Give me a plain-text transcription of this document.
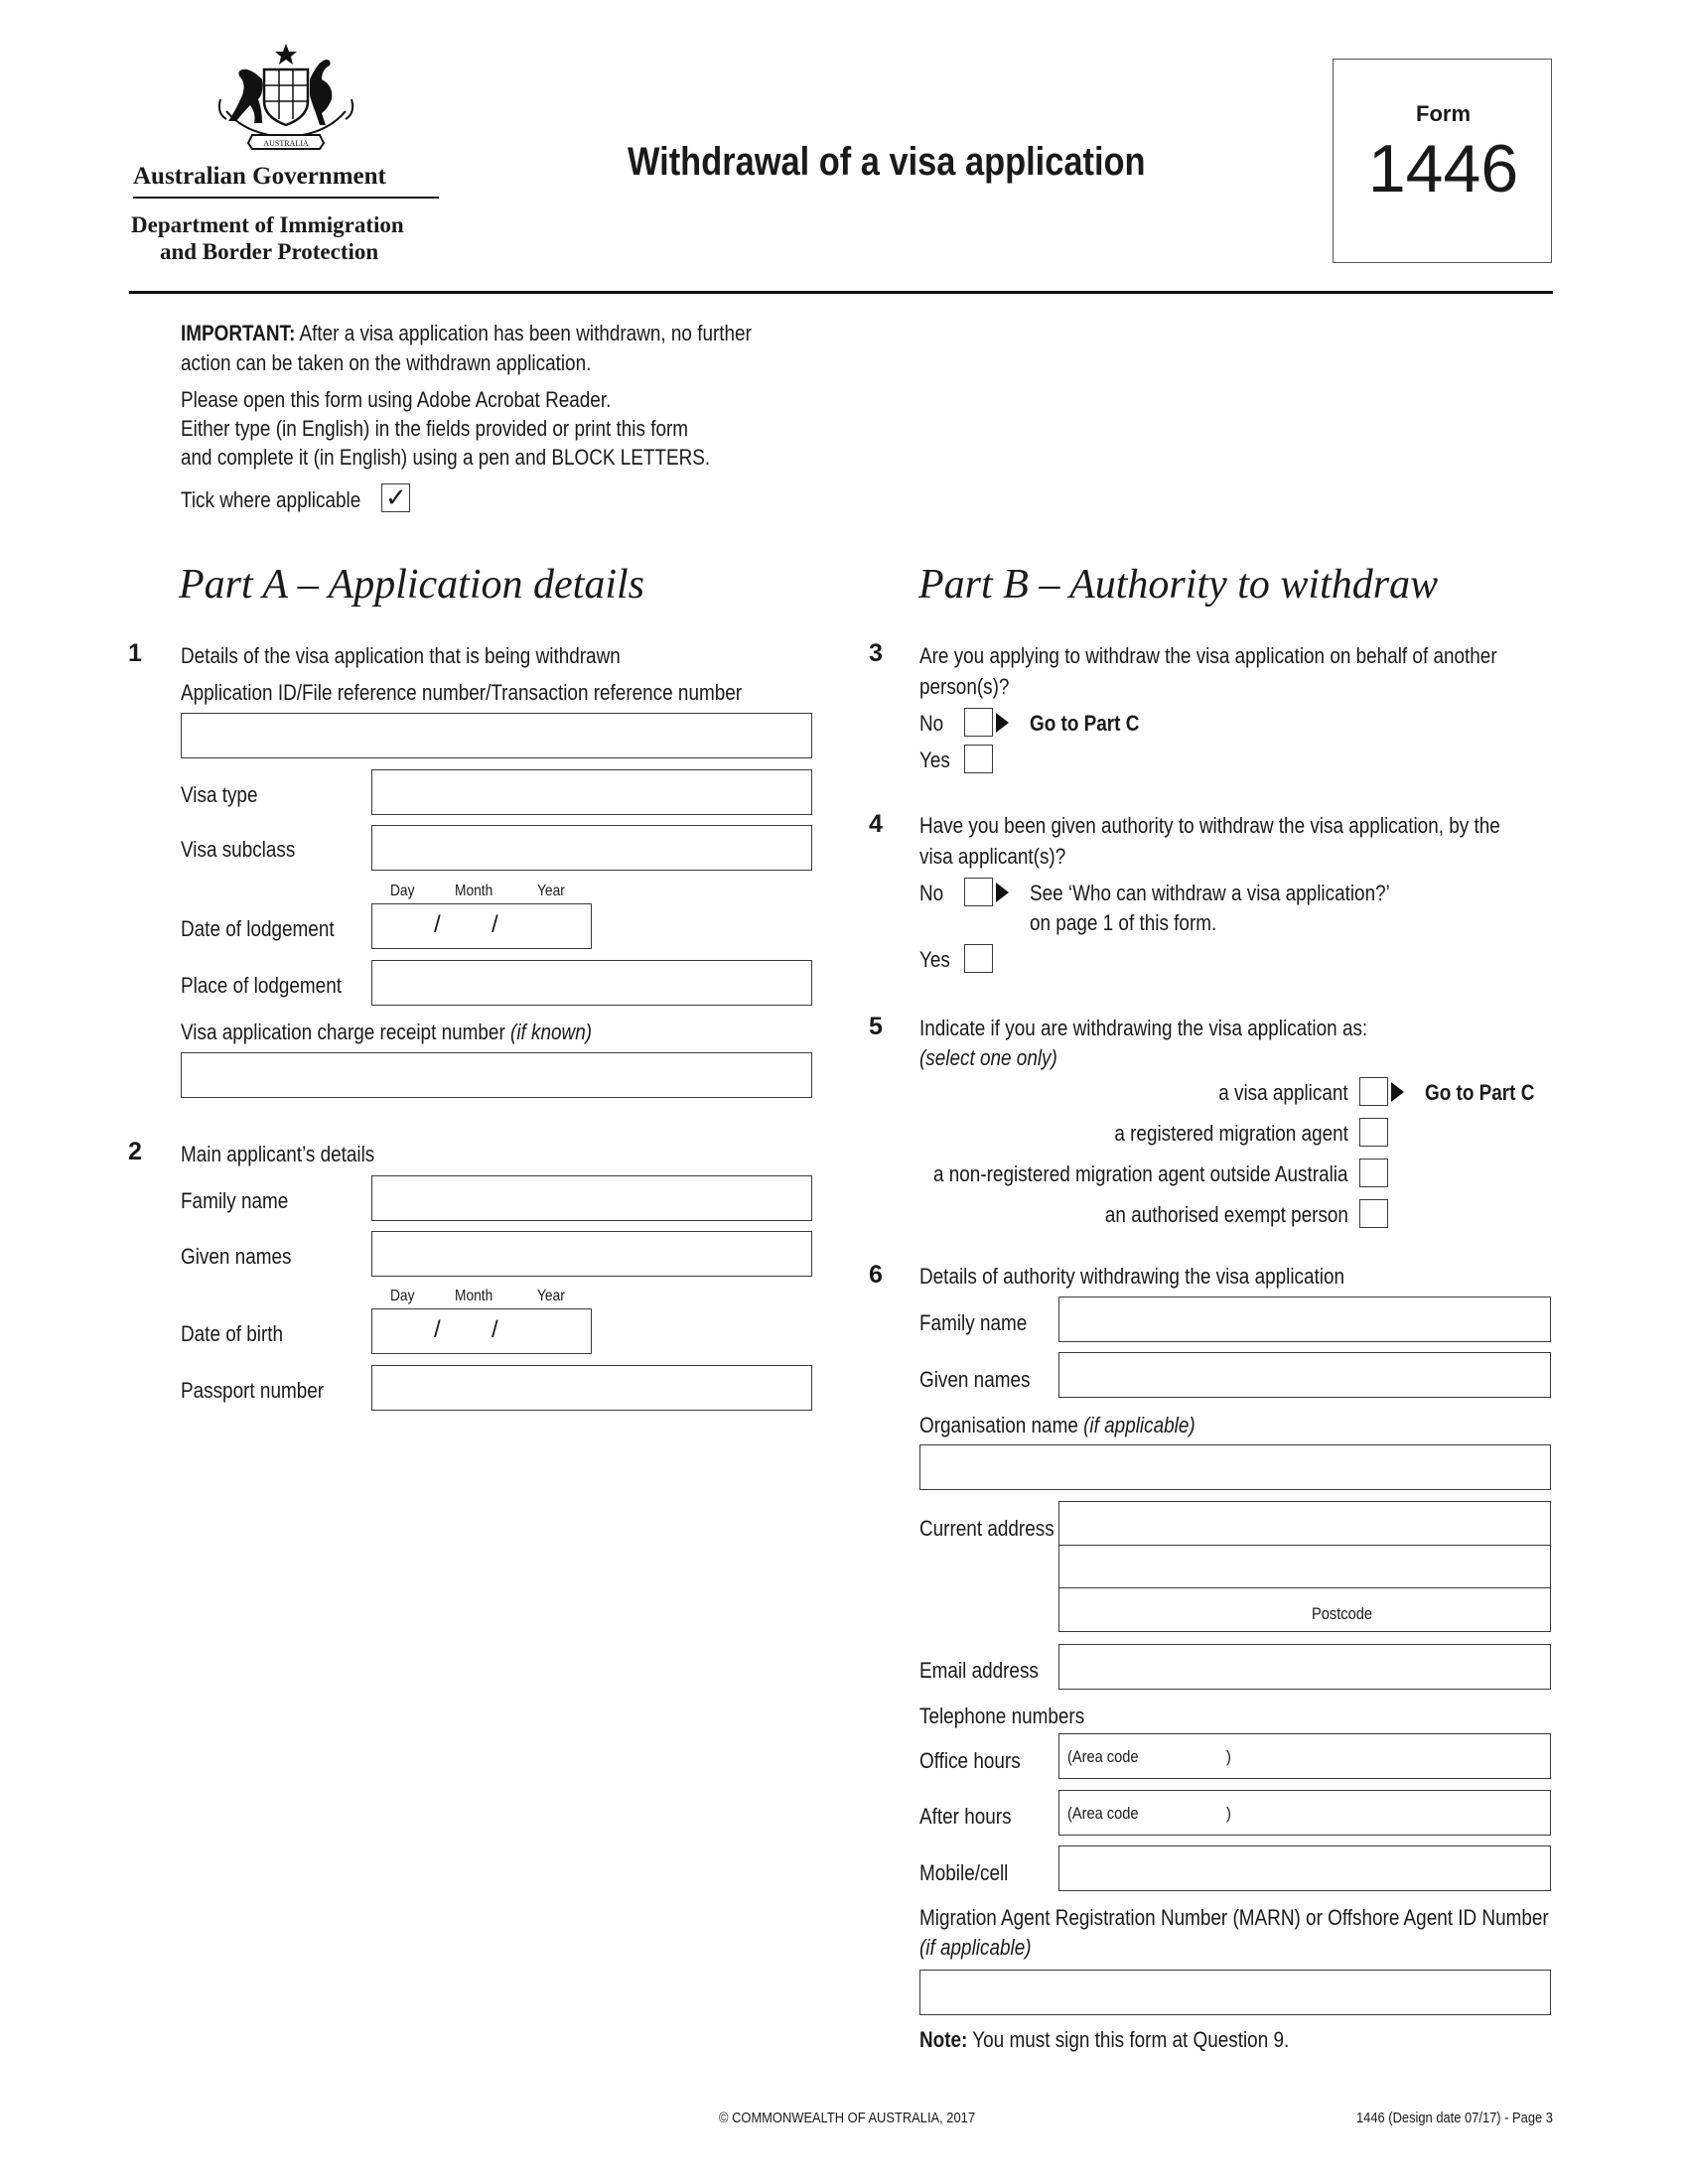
AUSTRALIA
Australian Government
Department of Immigration
and Border Protection
Withdrawal of a visa application
Form
1446
IMPORTANT: After a visa application has been withdrawn, no further
action can be taken on the withdrawn application.
Please open this form using Adobe Acrobat Reader.
Either type (in English) in the fields provided or print this form
and complete it (in English) using a pen and BLOCK LETTERS.
Tick where applicable ✓
Part A – Application details
1 Details of the visa application that is being withdrawn
Application ID/File reference number/Transaction reference number
Visa type
Visa subclass
Day	Month	Year
Date of lodgement	/ /
Place of lodgement
Visa application charge receipt number (if known)
2 Main applicant’s details
Family name
Given names
Day	Month	Year
Date of birth	/ /
Passport number
Part B – Authority to withdraw
3 Are you applying to withdraw the visa application on behalf of another
person(s)?
No	Go to Part C
Yes
4 Have you been given authority to withdraw the visa application, by the
visa applicant(s)?
No	See ‘Who can withdraw a visa application?’
on page 1 of this form.
Yes
5 Indicate if you are withdrawing the visa application as:
(select one only)
a visa applicant	Go to Part C
a registered migration agent
a non-registered migration agent outside Australia
an authorised exempt person
6 Details of authority withdrawing the visa application
Family name
Given names
Organisation name (if applicable)
Current address
Postcode
Email address
Telephone numbers
Office hours	(Area code	)
After hours	(Area code	)
Mobile/cell
Migration Agent Registration Number (MARN) or Offshore Agent ID Number
(if applicable)
Note: You must sign this form at Question 9.
© COMMONWEALTH OF AUSTRALIA, 2017	1446 (Design date 07/17) - Page 3
